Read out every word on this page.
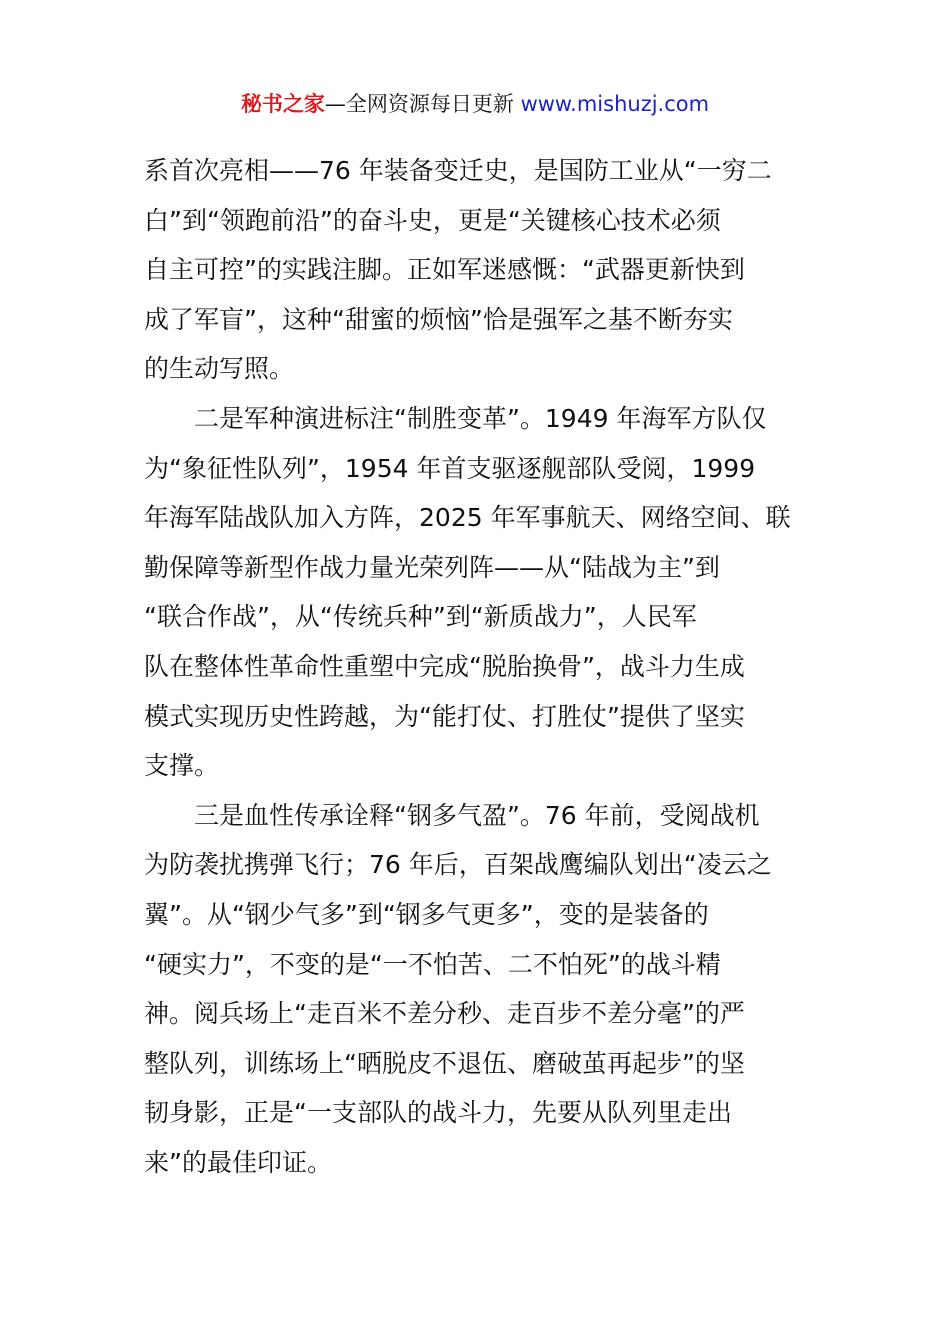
秘书之家—全网资源每日更新 www.mishuzj.com
系首次亮相——76 年装备变迁史，是国防工业从“一穷二
白”到“领跑前沿”的奋斗史，更是“关键核心技术必须
自主可控”的实践注脚。正如军迷感慨：“武器更新快到
成了军盲”，这种“甜蜜的烦恼”恰是强军之基不断夯实
的生动写照。
二是军种演进标注“制胜变革”。1949 年海军方队仅
为“象征性队列”，1954 年首支驱逐舰部队受阅，1999
年海军陆战队加入方阵，2025 年军事航天、网络空间、联
勤保障等新型作战力量光荣列阵——从“陆战为主”到
“联合作战”，从“传统兵种”到“新质战力”，人民军
队在整体性革命性重塑中完成“脱胎换骨”，战斗力生成
模式实现历史性跨越，为“能打仗、打胜仗”提供了坚实
支撑。
三是血性传承诠释“钢多气盈”。76 年前，受阅战机
为防袭扰携弹飞行；76 年后，百架战鹰编队划出“凌云之
翼”。从“钢少气多”到“钢多气更多”，变的是装备的
“硬实力”，不变的是“一不怕苦、二不怕死”的战斗精
神。阅兵场上“走百米不差分秒、走百步不差分毫”的严
整队列，训练场上“晒脱皮不退伍、磨破茧再起步”的坚
韧身影，正是“一支部队的战斗力，先要从队列里走出
来”的最佳印证。
